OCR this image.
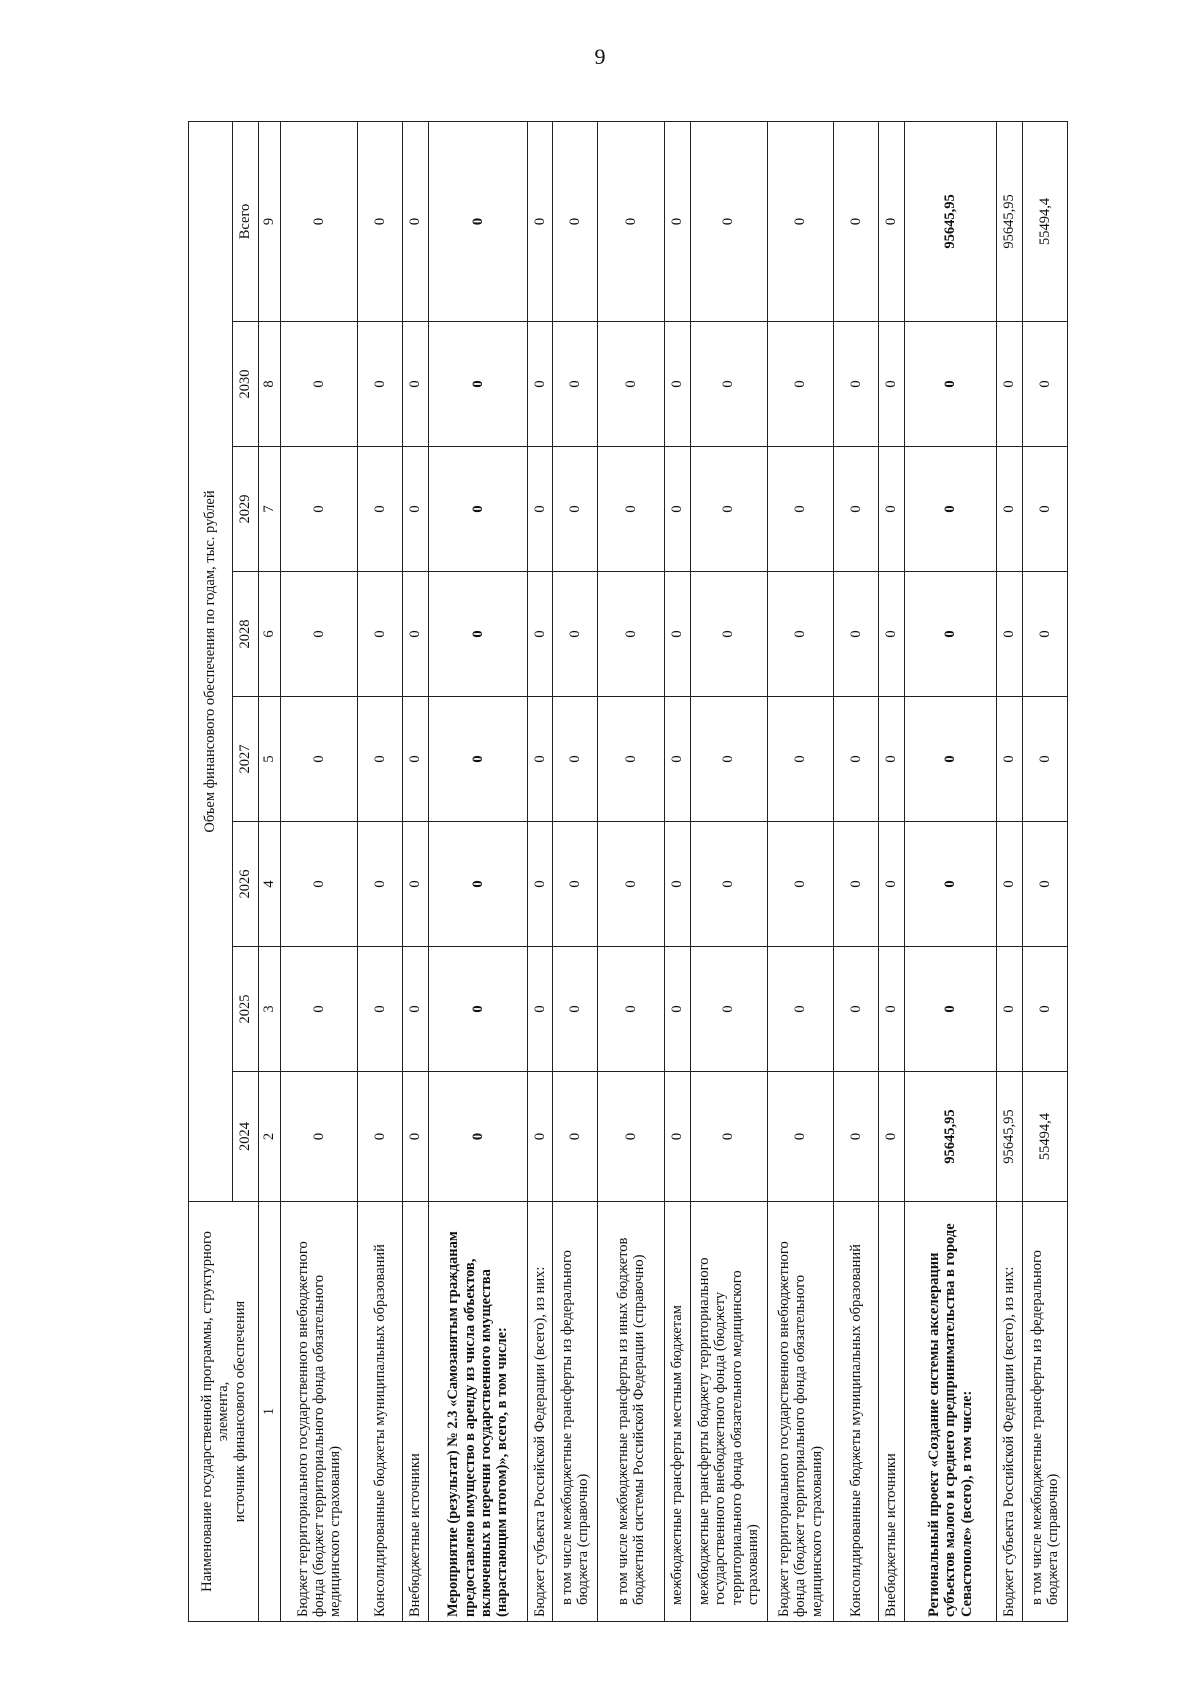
9
Наименование государственной программы, структурного элемента,
источник финансового обеспечения	Объем финансового обеспечения по годам, тыс. рублей							
	2024	2025	2026	2027	2028	2029	2030	Всего
1	2	3	4	5	6	7	8	9
Бюджет территориального государственного внебюджетного фонда (бюджет территориального фонда обязательного медицинского страхования)	0	0	0	0	0	0	0	0
Консолидированные бюджеты муниципальных образований	0	0	0	0	0	0	0	0
Внебюджетные источники	0	0	0	0	0	0	0	0
Мероприятие (результат) № 2.3 «Самозанятым гражданам предоставлено имущество в аренду из числа объектов, включенных в перечни государственного имущества (нарастающим итогом)», всего, в том числе:	0	0	0	0	0	0	0	0
Бюджет субъекта Российской Федерации (всего), из них:	0	0	0	0	0	0	0	0
в том числе межбюджетные трансферты из федерального бюджета (справочно)	0	0	0	0	0	0	0	0
в том числе межбюджетные трансферты из иных бюджетов бюджетной системы Российской Федерации (справочно)	0	0	0	0	0	0	0	0
межбюджетные трансферты местным бюджетам	0	0	0	0	0	0	0	0
межбюджетные трансферты бюджету территориального государственного внебюджетного фонда (бюджету территориального фонда обязательного медицинского страхования)	0	0	0	0	0	0	0	0
Бюджет территориального государственного внебюджетного фонда (бюджет территориального фонда обязательного медицинского страхования)	0	0	0	0	0	0	0	0
Консолидированные бюджеты муниципальных образований	0	0	0	0	0	0	0	0
Внебюджетные источники	0	0	0	0	0	0	0	0
Региональный проект «Создание системы акселерации субъектов малого и среднего предпринимательства в городе Севастополе» (всего), в том числе:	95645,95	0	0	0	0	0	0	95645,95
Бюджет субъекта Российской Федерации (всего), из них:	95645,95	0	0	0	0	0	0	95645,95
в том числе межбюджетные трансферты из федерального бюджета (справочно)	55494,4	0	0	0	0	0	0	55494,4
